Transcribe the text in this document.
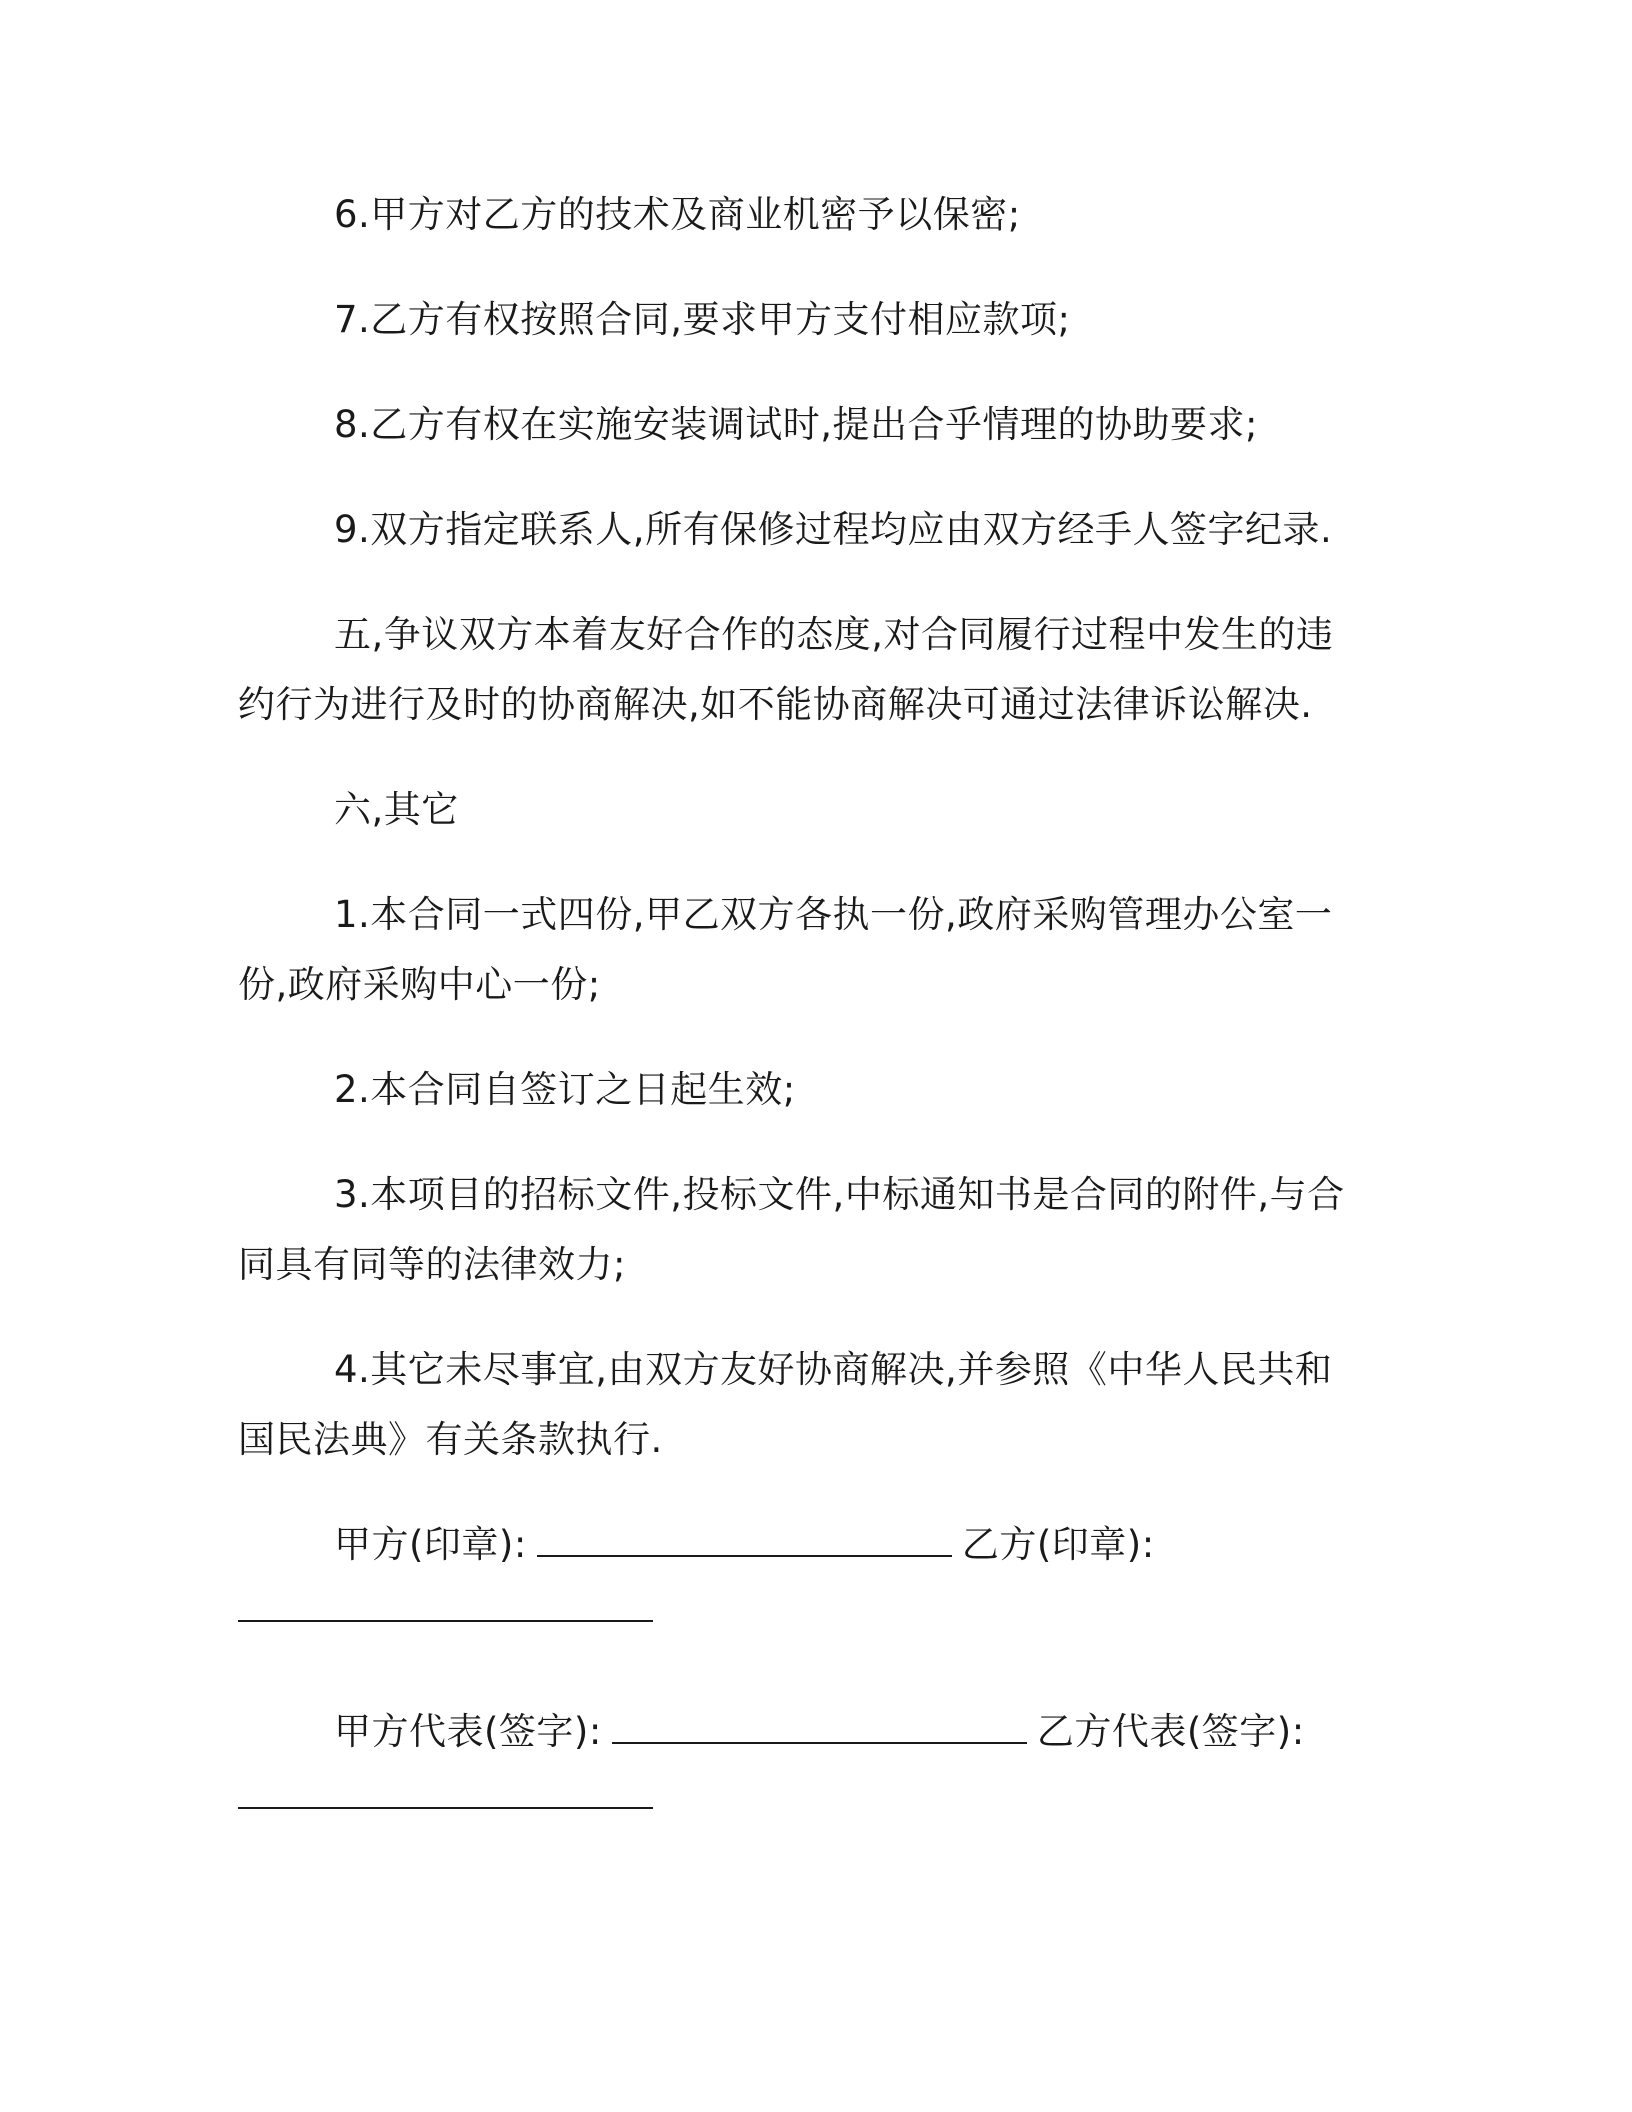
6.甲方对乙方的技术及商业机密予以保密;

7.乙方有权按照合同,要求甲方支付相应款项;

8.乙方有权在实施安装调试时,提出合乎情理的协助要求;

9.双方指定联系人,所有保修过程均应由双方经手人签字纪录.

五,争议双方本着友好合作的态度,对合同履行过程中发生的违约行为进行及时的协商解决,如不能协商解决可通过法律诉讼解决.

六,其它

1.本合同一式四份,甲乙双方各执一份,政府采购管理办公室一份,政府采购中心一份;

2.本合同自签订之日起生效;

3.本项目的招标文件,投标文件,中标通知书是合同的附件,与合同具有同等的法律效力;

4.其它未尽事宜,由双方友好协商解决,并参照《中华人民共和国民法典》有关条款执行.

甲方(印章):	乙方(印章):

甲方代表(签字):	乙方代表(签字):
